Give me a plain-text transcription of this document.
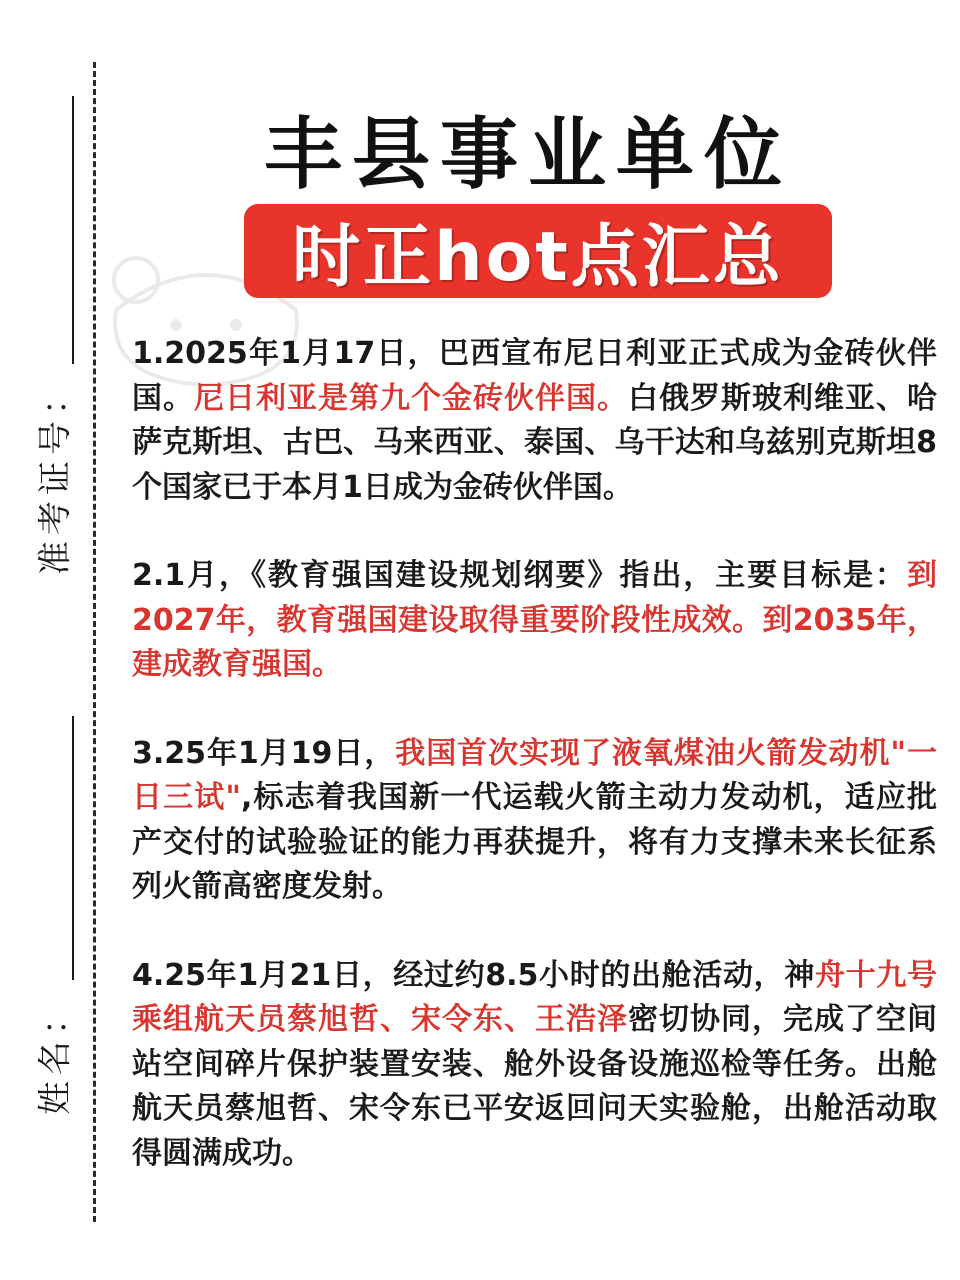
准考证号：
姓名：
丰县事业单位
时正hot点汇总

1.2025年1月17日，巴西宣布尼日利亚正式成为金砖伙伴国。尼日利亚是第九个金砖伙伴国。白俄罗斯玻利维亚、哈萨克斯坦、古巴、马来西亚、泰国、乌干达和乌兹别克斯坦8个国家已于本月1日成为金砖伙伴国。

2.1月，《教育强国建设规划纲要》指出，主要目标是：到2027年，教育强国建设取得重要阶段性成效。到2035年，建成教育强国。

3.25年1月19日，我国首次实现了液氧煤油火箭发动机"一日三试",标志着我国新一代运载火箭主动力发动机，适应批产交付的试验验证的能力再获提升，将有力支撑未来长征系列火箭高密度发射。

4.25年1月21日，经过约8.5小时的出舱活动，神舟十九号乘组航天员蔡旭哲、宋令东、王浩泽密切协同，完成了空间站空间碎片保护装置安装、舱外设备设施巡检等任务。出舱航天员蔡旭哲、宋令东已平安返回问天实验舱，出舱活动取得圆满成功。
